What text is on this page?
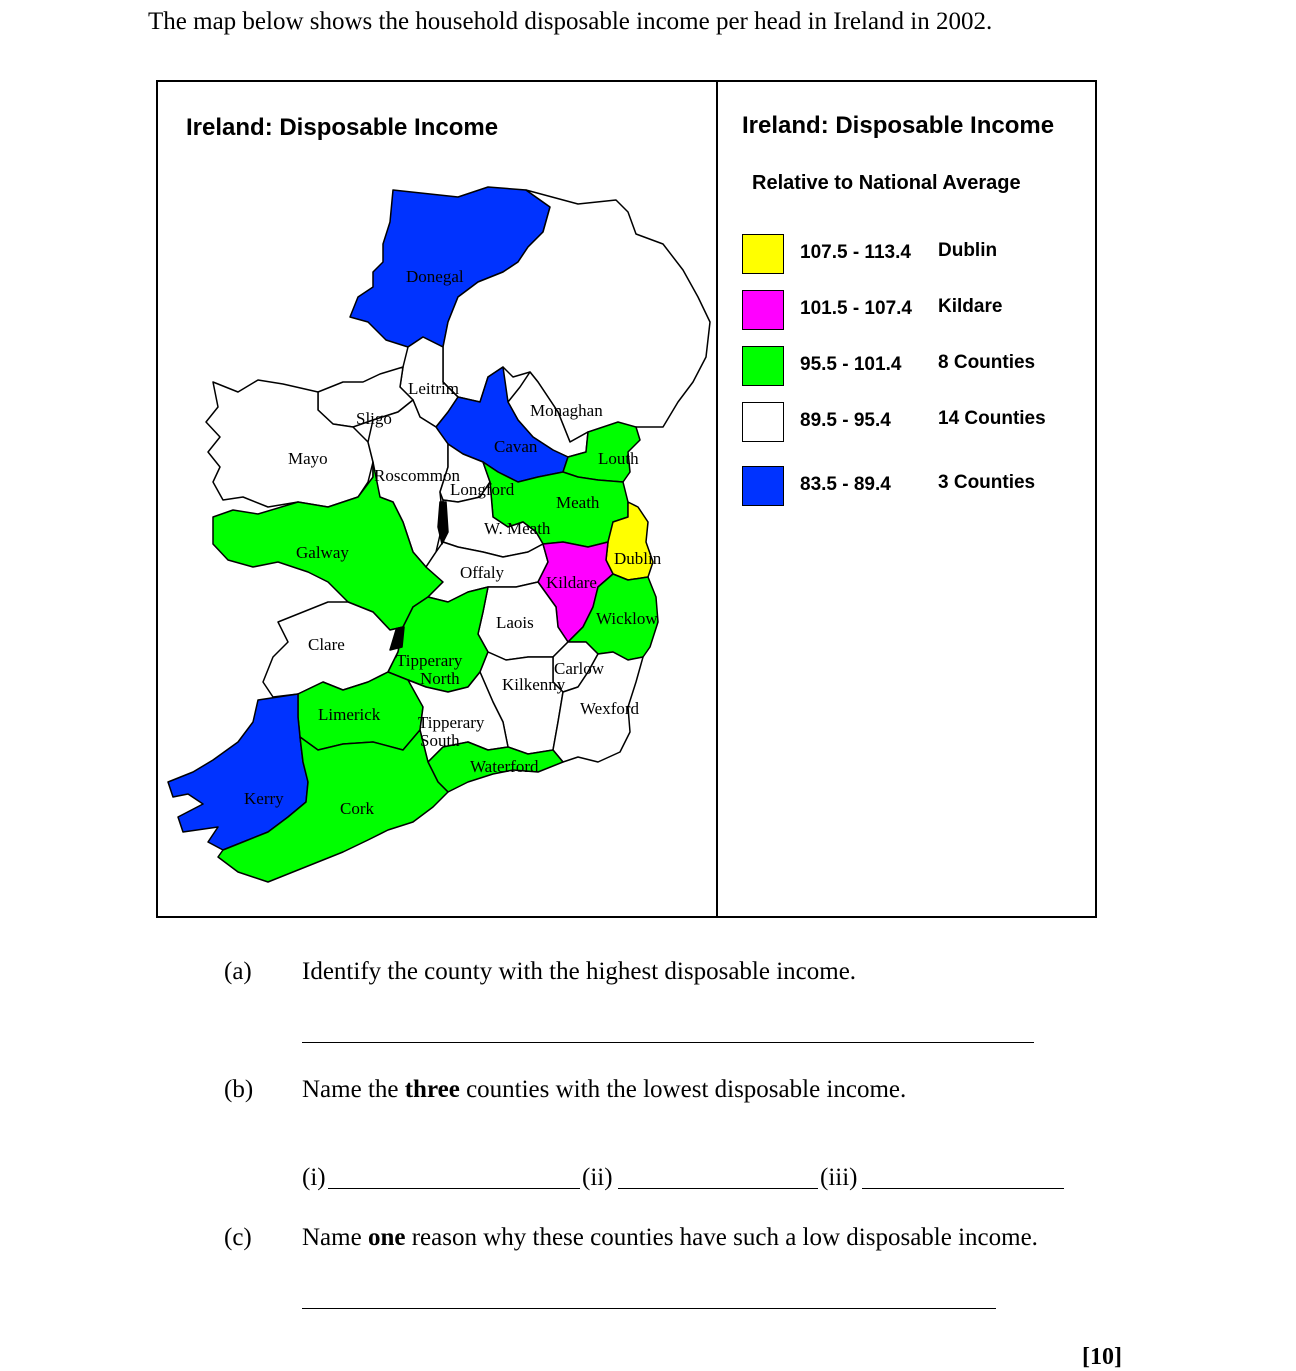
The map below shows the household disposable income per head in Ireland in 2002.
Ireland: Disposable Income
Donegal
Leitrim
Sligo
Mayo
Monaghan
Cavan
Louth
Roscommon
Longford
Meath
W. Meath
Dublin
Galway
Offaly
Kildare
Wicklow
Laois
Clare
Tipperary North
Carlow
Kilkenny
Wexford
Limerick Tipperary South
Waterford
Kerry
Cork
Ireland: Disposable Income
Relative to National Average
107.5 - 113.4 Dublin
101.5 - 107.4 Kildare
95.5 - 101.4 8 Counties
89.5 - 95.4 14 Counties
83.5 - 89.4 3 Counties
(a) Identify the county with the highest disposable income.
(b) Name the three counties with the lowest disposable income.
(i)	(ii)	(iii)
(c) Name one reason why these counties have such a low disposable income.
[10]
